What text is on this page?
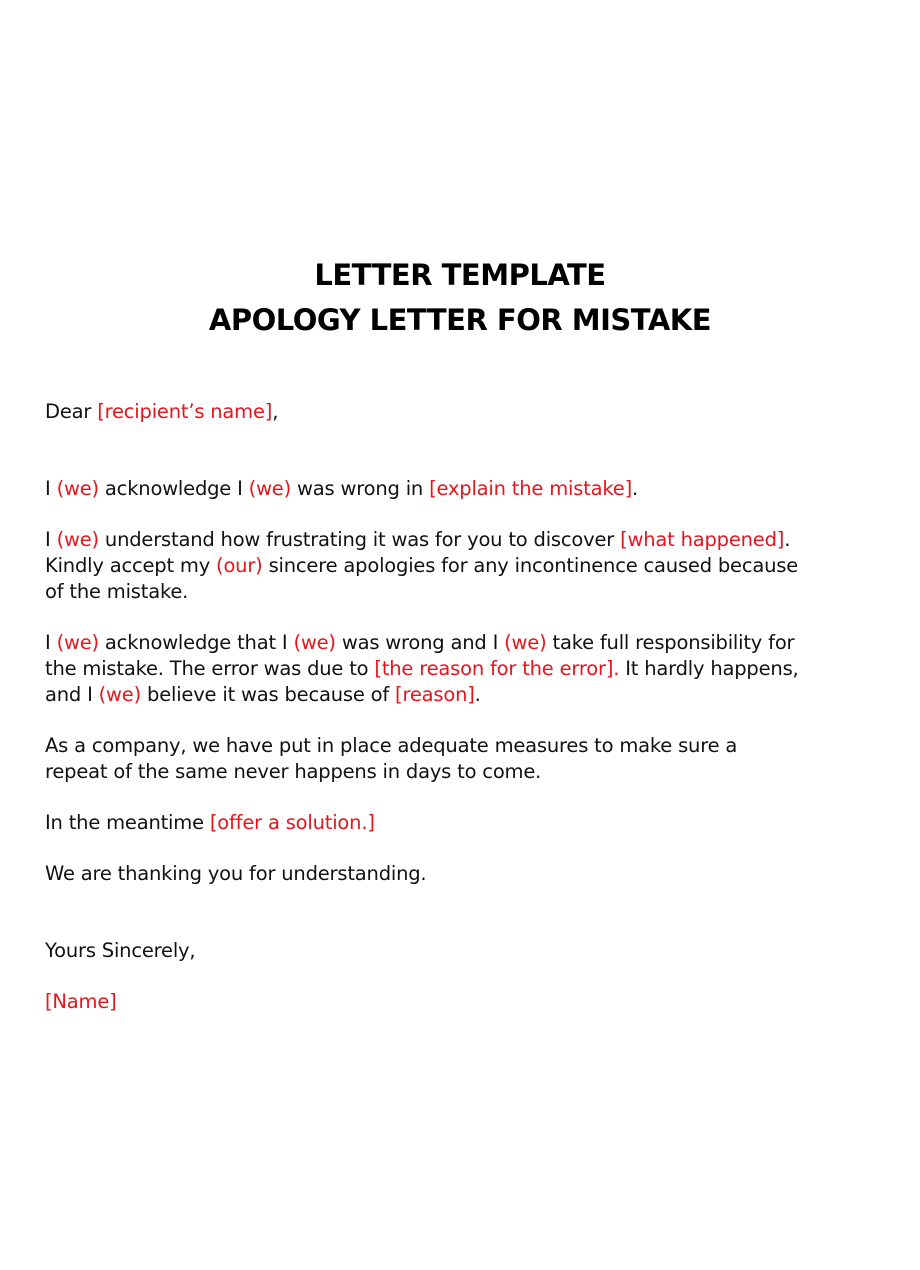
LETTER TEMPLATE
APOLOGY LETTER FOR MISTAKE
Dear [recipient’s name],
I (we) acknowledge I (we) was wrong in [explain the mistake].
I (we) understand how frustrating it was for you to discover [what happened].
Kindly accept my (our) sincere apologies for any incontinence caused because
of the mistake.
I (we) acknowledge that I (we) was wrong and I (we) take full responsibility for
the mistake. The error was due to [the reason for the error]. It hardly happens,
and I (we) believe it was because of [reason].
As a company, we have put in place adequate measures to make sure a
repeat of the same never happens in days to come.
In the meantime [offer a solution.]
We are thanking you for understanding.
Yours Sincerely,
[Name]
